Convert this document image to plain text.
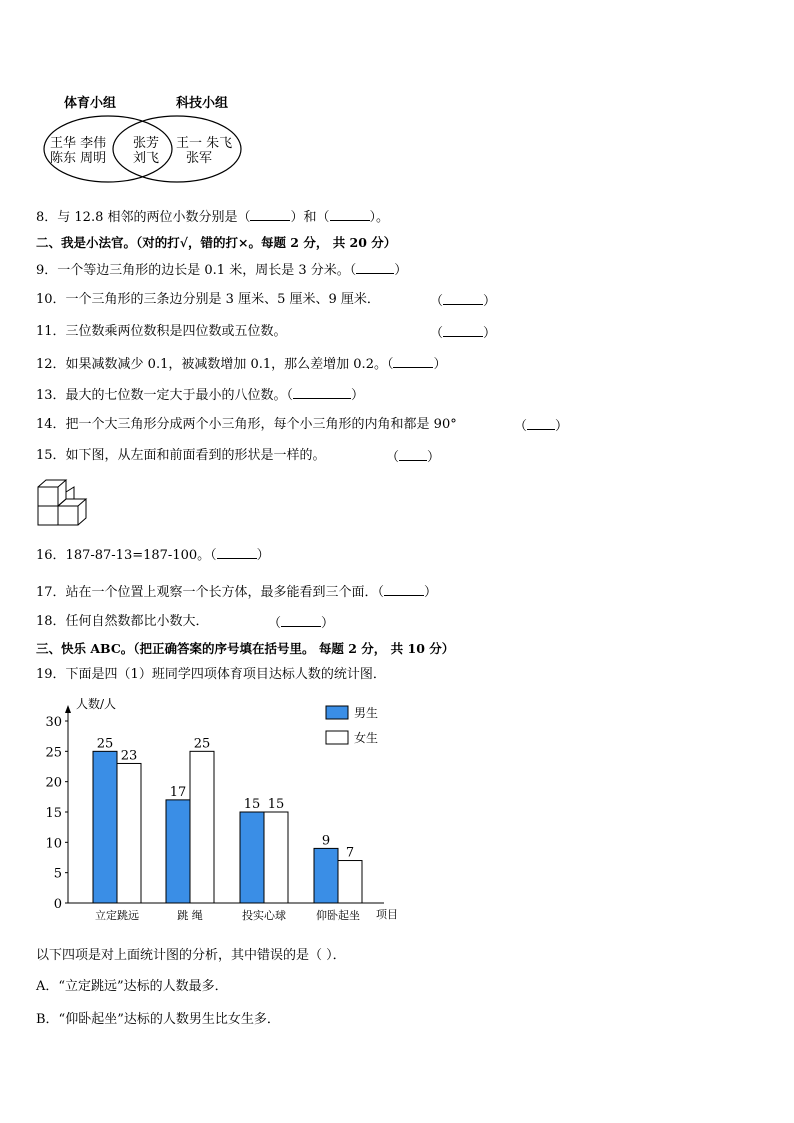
体育小组	科技小组
王华 李伟
陈东 周明
张芳
刘飞
王一 朱飞
张军
8．与 12.8 相邻的两位小数分别是（	）和（	）。
二、我是小法官。（对的打√，错的打×。每题 2 分， 共 20 分）
9．一个等边三角形的边长是 0.1 米，周长是 3 分米。（	）
10．一个三角形的三条边分别是 3 厘米、5 厘米、9 厘米．	（	）
11．三位数乘两位数积是四位数或五位数。	（	）
12．如果减数减少 0.1，被减数增加 0.1，那么差增加 0.2。（	）
13．最大的七位数一定大于最小的八位数。（	）
14．把一个大三角形分成两个小三角形，每个小三角形的内角和都是 90°	（ ）
15．如下图，从左面和前面看到的形状是一样的。	（ ）
16．187-87-13=187-100。（	）
17．站在一个位置上观察一个长方体，最多能看到三个面．（	）
18．任何自然数都比小数大．	（	）
三、快乐 ABC。（把正确答案的序号填在括号里。 每题 2 分， 共 10 分）
19．下面是四（1）班同学四项体育项目达标人数的统计图．
0
5
10
15
20
25
30
人数/人
项目
25
23
立定跳远
17
25
跳 绳
15 15
投实心球
9
7
仰卧起坐
男生
女生
以下四项是对上面统计图的分析，其中错误的是（ ）．
A．“立定跳远”达标的人数最多．
B．“仰卧起坐”达标的人数男生比女生多．
